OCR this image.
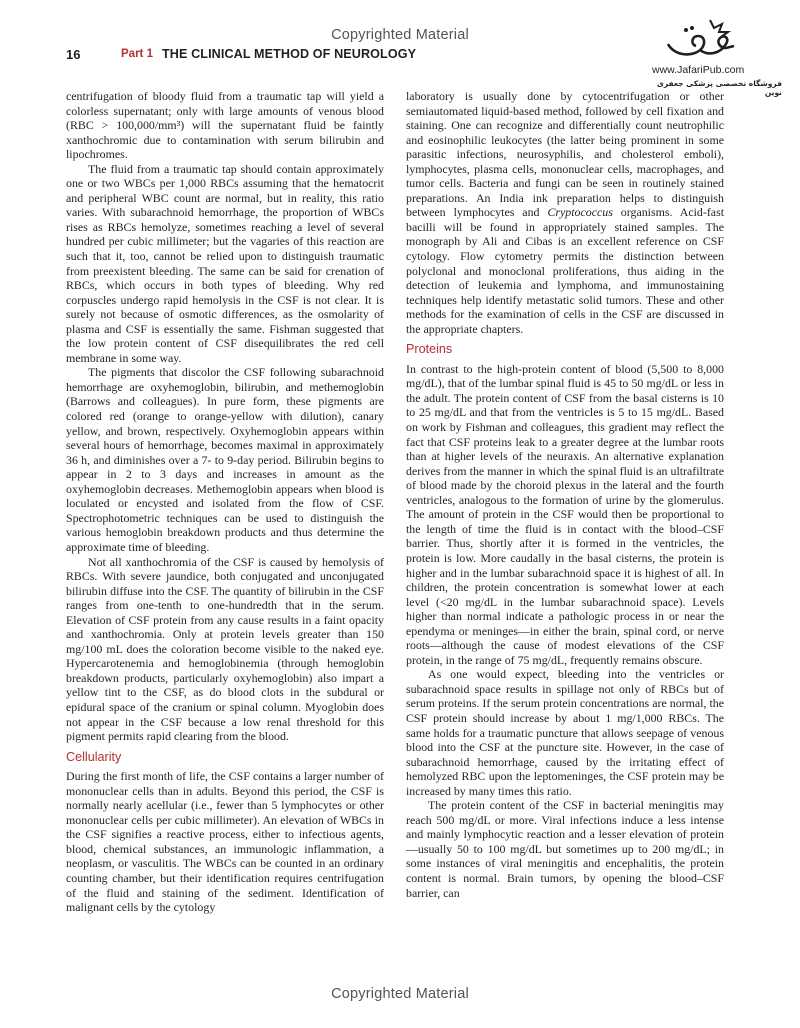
Copyrighted Material
16	Part 1 THE CLINICAL METHOD OF NEUROLOGY
www.JafariPub.com
فروشگاه تخصصی پزشکی جعفری نوین

centrifugation of bloody fluid from a traumatic tap will yield a colorless supernatant; only with large amounts of venous blood (RBC > 100,000/mm³) will the supernatant fluid be faintly xanthochromic due to contamination with serum bilirubin and lipochromes.

The fluid from a traumatic tap should contain approximately one or two WBCs per 1,000 RBCs assuming that the hematocrit and peripheral WBC count are normal, but in reality, this ratio varies. With subarachnoid hemorrhage, the proportion of WBCs rises as RBCs hemolyze, sometimes reaching a level of several hundred per cubic millimeter; but the vagaries of this reaction are such that it, too, cannot be relied upon to distinguish traumatic from preexistent bleeding. The same can be said for crenation of RBCs, which occurs in both types of bleeding. Why red corpuscles undergo rapid hemolysis in the CSF is not clear. It is surely not because of osmotic differences, as the osmolarity of plasma and CSF is essentially the same. Fishman suggested that the low protein content of CSF disequilibrates the red cell membrane in some way.

The pigments that discolor the CSF following subarachnoid hemorrhage are oxyhemoglobin, bilirubin, and methemoglobin (Barrows and colleagues). In pure form, these pigments are colored red (orange to orange-yellow with dilution), canary yellow, and brown, respectively. Oxyhemoglobin appears within several hours of hemorrhage, becomes maximal in approximately 36 h, and diminishes over a 7- to 9-day period. Bilirubin begins to appear in 2 to 3 days and increases in amount as the oxyhemoglobin decreases. Methemoglobin appears when blood is loculated or encysted and isolated from the flow of CSF. Spectrophotometric techniques can be used to distinguish the various hemoglobin breakdown products and thus determine the approximate time of bleeding.

Not all xanthochromia of the CSF is caused by hemolysis of RBCs. With severe jaundice, both conjugated and unconjugated bilirubin diffuse into the CSF. The quantity of bilirubin in the CSF ranges from one-tenth to one-hundredth that in the serum. Elevation of CSF protein from any cause results in a faint opacity and xanthochromia. Only at protein levels greater than 150 mg/100 mL does the coloration become visible to the naked eye. Hypercarotenemia and hemoglobinemia (through hemoglobin breakdown products, particularly oxyhemoglobin) also impart a yellow tint to the CSF, as do blood clots in the subdural or epidural space of the cranium or spinal column. Myoglobin does not appear in the CSF because a low renal threshold for this pigment permits rapid clearing from the blood.

Cellularity

During the first month of life, the CSF contains a larger number of mononuclear cells than in adults. Beyond this period, the CSF is normally nearly acellular (i.e., fewer than 5 lymphocytes or other mononuclear cells per cubic millimeter). An elevation of WBCs in the CSF signifies a reactive process, either to infectious agents, blood, chemical substances, an immunologic inflammation, a neoplasm, or vasculitis. The WBCs can be counted in an ordinary counting chamber, but their identification requires centrifugation of the fluid and staining of the sediment. Identification of malignant cells by the cytology

laboratory is usually done by cytocentrifugation or other semiautomated liquid-based method, followed by cell fixation and staining. One can recognize and differentially count neutrophilic and eosinophilic leukocytes (the latter being prominent in some parasitic infections, neurosyphilis, and cholesterol emboli), lymphocytes, plasma cells, mononuclear cells, macrophages, and tumor cells. Bacteria and fungi can be seen in routinely stained preparations. An India ink preparation helps to distinguish between lymphocytes and Cryptococcus organisms. Acid-fast bacilli will be found in appropriately stained samples. The monograph by Ali and Cibas is an excellent reference on CSF cytology. Flow cytometry permits the distinction between polyclonal and monoclonal proliferations, thus aiding in the detection of leukemia and lymphoma, and immunostaining techniques help identify metastatic solid tumors. These and other methods for the examination of cells in the CSF are discussed in the appropriate chapters.

Proteins

In contrast to the high-protein content of blood (5,500 to 8,000 mg/dL), that of the lumbar spinal fluid is 45 to 50 mg/dL or less in the adult. The protein content of CSF from the basal cisterns is 10 to 25 mg/dL and that from the ventricles is 5 to 15 mg/dL. Based on work by Fishman and colleagues, this gradient may reflect the fact that CSF proteins leak to a greater degree at the lumbar roots than at higher levels of the neuraxis. An alternative explanation derives from the manner in which the spinal fluid is an ultrafiltrate of blood made by the choroid plexus in the lateral and the fourth ventricles, analogous to the formation of urine by the glomerulus. The amount of protein in the CSF would then be proportional to the length of time the fluid is in contact with the blood–CSF barrier. Thus, shortly after it is formed in the ventricles, the protein is low. More caudally in the basal cisterns, the protein is higher and in the lumbar subarachnoid space it is highest of all. In children, the protein concentration is somewhat lower at each level (<20 mg/dL in the lumbar subarachnoid space). Levels higher than normal indicate a pathologic process in or near the ependyma or meninges—in either the brain, spinal cord, or nerve roots—although the cause of modest elevations of the CSF protein, in the range of 75 mg/dL, frequently remains obscure.

As one would expect, bleeding into the ventricles or subarachnoid space results in spillage not only of RBCs but of serum proteins. If the serum protein concentrations are normal, the CSF protein should increase by about 1 mg/1,000 RBCs. The same holds for a traumatic puncture that allows seepage of venous blood into the CSF at the puncture site. However, in the case of subarachnoid hemorrhage, caused by the irritating effect of hemolyzed RBC upon the leptomeninges, the CSF protein may be increased by many times this ratio.

The protein content of the CSF in bacterial meningitis may reach 500 mg/dL or more. Viral infections induce a less intense and mainly lymphocytic reaction and a lesser elevation of protein—usually 50 to 100 mg/dL but sometimes up to 200 mg/dL; in some instances of viral meningitis and encephalitis, the protein content is normal. Brain tumors, by opening the blood–CSF barrier, can

Copyrighted Material
